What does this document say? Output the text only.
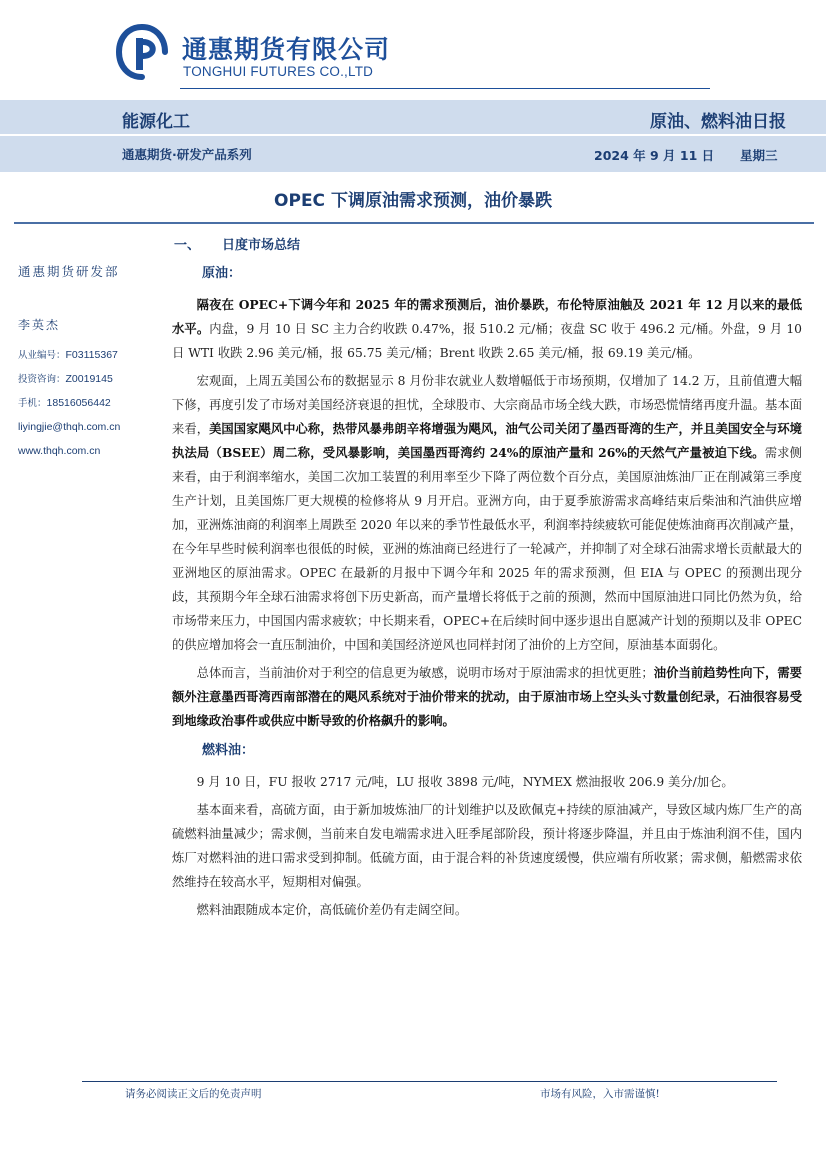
通惠期货有限公司
TONGHUI FUTURES CO.,LTD
能源化工	原油、燃料油日报
通惠期货·研发产品系列	2024 年 9 月 11 日 星期三
OPEC 下调原油需求预测，油价暴跌
一、 日度市场总结
通惠期货研发部
李英杰
从业编号：F03115367
投资咨询：Z0019145
手机：18516056442
liyingjie@thqh.com.cn
www.thqh.com.cn
原油：

隔夜在 OPEC+下调今年和 2025 年的需求预测后，油价暴跌，布伦特原油触及 2021 年 12 月以来的最低水平。内盘，9 月 10 日 SC 主力合约收跌 0.47%，报 510.2 元/桶；夜盘 SC 收于 496.2 元/桶。外盘，9 月 10 日 WTI 收跌 2.96 美元/桶，报 65.75 美元/桶；Brent 收跌 2.65 美元/桶，报 69.19 美元/桶。

宏观面，上周五美国公布的数据显示 8 月份非农就业人数增幅低于市场预期，仅增加了 14.2 万，且前值遭大幅下修，再度引发了市场对美国经济衰退的担忧，全球股市、大宗商品市场全线大跌，市场恐慌情绪再度升温。基本面来看，美国国家飓风中心称，热带风暴弗朗辛将增强为飓风，油气公司关闭了墨西哥湾的生产，并且美国安全与环境执法局（BSEE）周二称，受风暴影响，美国墨西哥湾约 24%的原油产量和 26%的天然气产量被迫下线。需求侧来看，由于利润率缩水，美国二次加工装置的利用率至少下降了两位数个百分点，美国原油炼油厂正在削减第三季度生产计划，且美国炼厂更大规模的检修将从 9 月开启。亚洲方向，由于夏季旅游需求高峰结束后柴油和汽油供应增加，亚洲炼油商的利润率上周跌至 2020 年以来的季节性最低水平，利润率持续疲软可能促使炼油商再次削减产量，在今年早些时候利润率也很低的时候，亚洲的炼油商已经进行了一轮减产，并抑制了对全球石油需求增长贡献最大的亚洲地区的原油需求。OPEC 在最新的月报中下调今年和 2025 年的需求预测，但 EIA 与 OPEC 的预测出现分歧，其预期今年全球石油需求将创下历史新高，而产量增长将低于之前的预测，然而中国原油进口同比仍然为负，给市场带来压力，中国国内需求疲软；中长期来看，OPEC+在后续时间中逐步退出自愿减产计划的预期以及非 OPEC 的供应增加将会一直压制油价，中国和美国经济逆风也同样封闭了油价的上方空间，原油基本面弱化。

总体而言，当前油价对于利空的信息更为敏感，说明市场对于原油需求的担忧更胜；油价当前趋势性向下，需要额外注意墨西哥湾西南部潜在的飓风系统对于油价带来的扰动，由于原油市场上空头头寸数量创纪录，石油很容易受到地缘政治事件或供应中断导致的价格飙升的影响。

燃料油：

9 月 10 日，FU 报收 2717 元/吨，LU 报收 3898 元/吨，NYMEX 燃油报收 206.9 美分/加仑。

基本面来看，高硫方面，由于新加坡炼油厂的计划维护以及欧佩克+持续的原油减产，导致区域内炼厂生产的高硫燃料油量减少；需求侧，当前来自发电端需求进入旺季尾部阶段，预计将逐步降温，并且由于炼油利润不佳，国内炼厂对燃料油的进口需求受到抑制。低硫方面，由于混合料的补货速度缓慢，供应端有所收紧；需求侧，船燃需求依然维持在较高水平，短期相对偏强。

燃料油跟随成本定价，高低硫价差仍有走阔空间。

请务必阅读正文后的免责声明	市场有风险，入市需谨慎!
